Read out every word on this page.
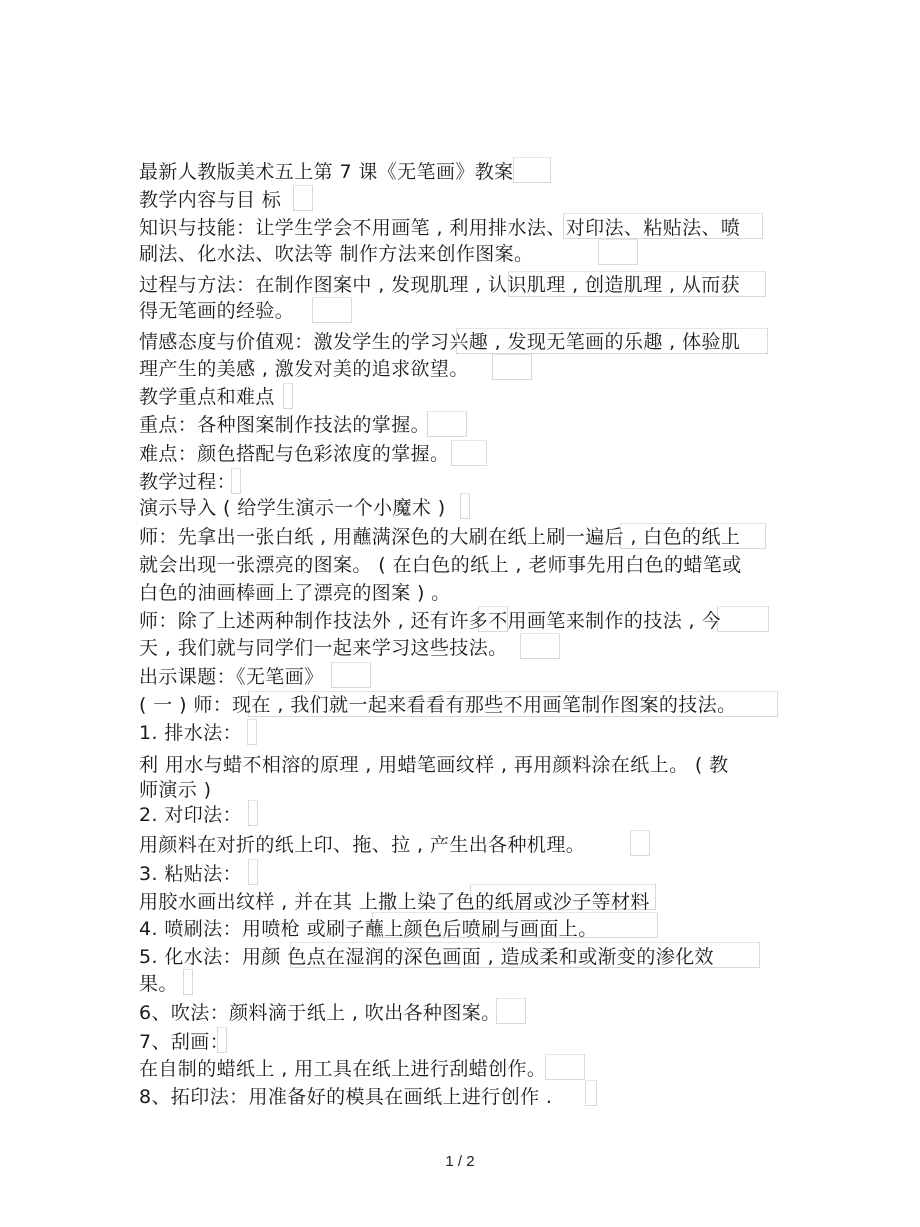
最新人教版美术五上第 7 课《无笔画》教案
教学内容与目 标
知识与技能：让学生学会不用画笔 , 利用排水法、对印法、粘贴法、喷
刷法、化水法、吹法等 制作方法来创作图案。
过程与方法：在制作图案中 , 发现肌理 , 认识肌理 , 创造肌理 , 从而获
得无笔画的经验。
情感态度与价值观：激发学生的学习兴趣 , 发现无笔画的乐趣 , 体验肌
理产生的美感 , 激发对美的追求欲望。
教学重点和难点
重点：各种图案制作技法的掌握。
难点：颜色搭配与色彩浓度的掌握。
教学过程：
演示导入 ( 给学生演示一个小魔术 )
师：先拿出一张白纸 , 用蘸满深色的大刷在纸上刷一遍后 , 白色的纸上
就会出现一张漂亮的图案。 ( 在白色的纸上 , 老师事先用白色的蜡笔或
白色的油画棒画上了漂亮的图案 ) 。
师：除了上述两种制作技法外 , 还有许多不用画笔来制作的技法 , 今
天 , 我们就与同学们一起来学习这些技法。
出示课题：《无笔画》
( 一 ) 师：现在 , 我们就一起来看看有那些不用画笔制作图案的技法。
1. 排水法：
利 用水与蜡不相溶的原理 , 用蜡笔画纹样 , 再用颜料涂在纸上。 ( 教
师演示 )
2. 对印法：
用颜料在对折的纸上印、拖、拉 , 产生出各种机理。
3. 粘贴法：
用胶水画出纹样 , 并在其 上撒上染了色的纸屑或沙子等材料
4. 喷刷法：用喷枪 或刷子蘸上颜色后喷刷与画面上。
5. 化水法：用颜 色点在湿润的深色画面 , 造成柔和或渐变的渗化效
果。
6、吹法：颜料滴于纸上 , 吹出各种图案。
7、刮画：
在自制的蜡纸上 , 用工具在纸上进行刮蜡创作。
8、拓印法：用准备好的模具在画纸上进行创作 .
1 / 2
